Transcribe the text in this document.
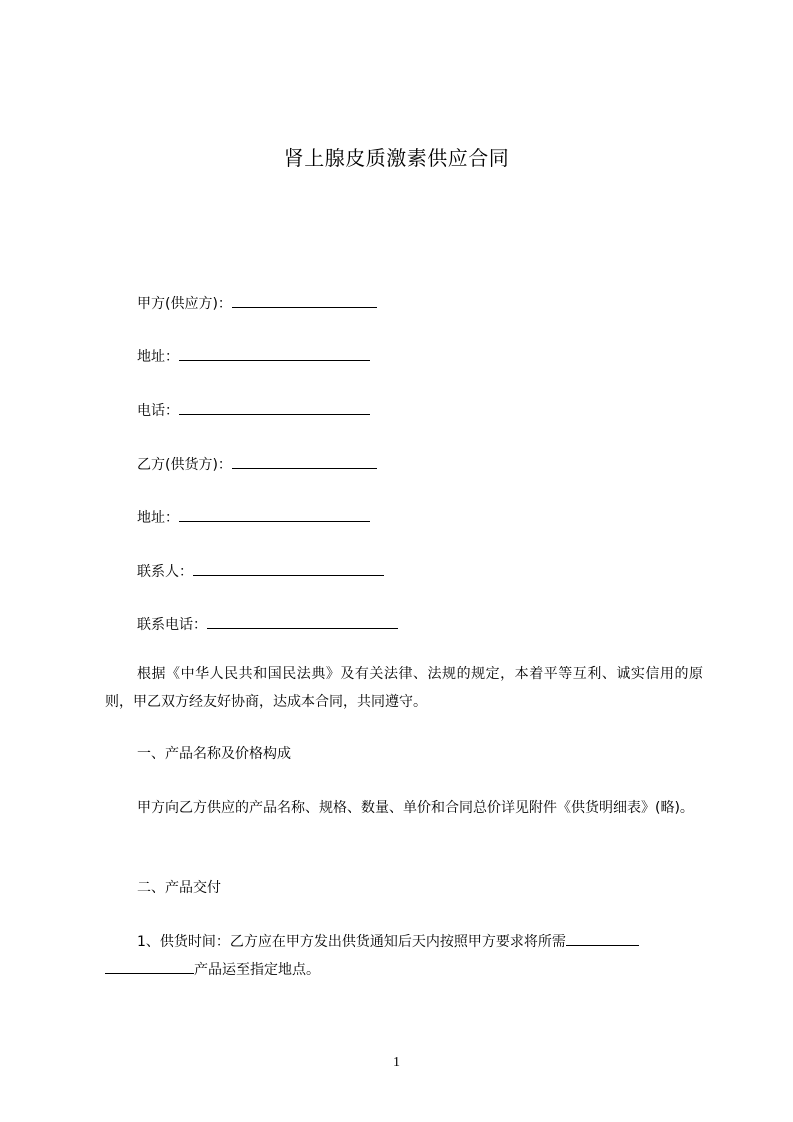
肾上腺皮质激素供应合同
甲方(供应方)：
地址：
电话：
乙方(供货方)：
地址：
联系人：
联系电话：
根据《中华人民共和国民法典》及有关法律、法规的规定，本着平等互利、诚实信用的原则，甲乙双方经友好协商，达成本合同，共同遵守。
一、产品名称及价格构成
甲方向乙方供应的产品名称、规格、数量、单价和合同总价详见附件《供货明细表》(略)。
二、产品交付
1、供货时间：乙方应在甲方发出供货通知后天内按照甲方要求将所需
产品运至指定地点。
1
